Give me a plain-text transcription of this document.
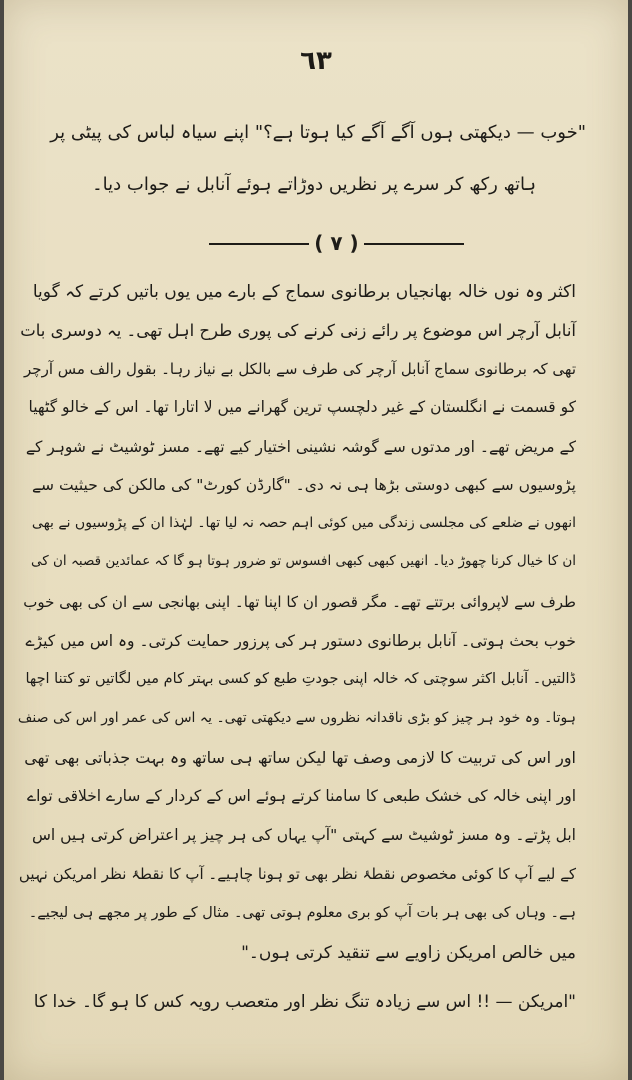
٦٣
"خوب — دیکھتی ہوں آگے آگے کیا ہوتا ہے؟" اپنے سیاہ لباس کی پیٹی پر
ہاتھ رکھ کر سرے پر نظریں دوڑاتے ہوئے آنابل نے جواب دیا۔
( ۷ )
اکثر وہ نوں خالہ بھانجیاں برطانوی سماج کے بارے میں یوں باتیں کرتے کہ گویا
آنابل آرچر اس موضوع پر رائے زنی کرنے کی پوری طرح اہل تھی۔ یہ دوسری بات
تھی کہ برطانوی سماج آنابل آرچر کی طرف سے بالکل بے نیاز رہا۔ بقول رالف مس آرچر
کو قسمت نے انگلستان کے غیر دلچسپ ترین گھرانے میں لا اتارا تھا۔ اس کے خالو گٹھیا
کے مریض تھے۔ اور مدتوں سے گوشہ نشینی اختیار کیے تھے۔ مسز ٹوشیٹ نے شوہر کے
پڑوسیوں سے کبھی دوستی بڑھا ہی نہ دی۔ "گارڈن کورٹ" کی مالکن کی حیثیت سے
انھوں نے ضلعے کی مجلسی زندگی میں کوئی اہم حصہ نہ لیا تھا۔ لہٰذا ان کے پڑوسیوں نے بھی
ان کا خیال کرنا چھوڑ دیا۔ انھیں کبھی کبھی افسوس تو ضرور ہوتا ہو گا کہ عمائدین قصبہ ان کی
طرف سے لاپروائی برتتے تھے۔ مگر قصور ان کا اپنا تھا۔ اپنی بھانجی سے ان کی بھی خوب
خوب بحث ہوتی۔ آنابل برطانوی دستور ہر کی پرزور حمایت کرتی۔ وہ اس میں کیڑے
ڈالتیں۔ آنابل اکثر سوچتی کہ خالہ اپنی جودتِ طبع کو کسی بہتر کام میں لگاتیں تو کتنا اچھا
ہوتا۔ وہ خود ہر چیز کو بڑی ناقدانہ نظروں سے دیکھتی تھی۔ یہ اس کی عمر اور اس کی صنف
اور اس کی تربیت کا لازمی وصف تھا لیکن ساتھ ہی ساتھ وہ بہت جذباتی بھی تھی
اور اپنی خالہ کی خشک طبعی کا سامنا کرتے ہوئے اس کے کردار کے سارے اخلاقی تواے
ابل پڑتے۔ وہ مسز ٹوشیٹ سے کہتی "آپ یہاں کی ہر چیز پر اعتراض کرتی ہیں اس
کے لیے آپ کا کوئی مخصوص نقطۂ نظر بھی تو ہونا چاہیے۔ آپ کا نقطۂ نظر امریکن نہیں
ہے۔ وہاں کی بھی ہر بات آپ کو بری معلوم ہوتی تھی۔ مثال کے طور پر مجھے ہی لیجیے۔
میں خالص امریکن زاویے سے تنقید کرتی ہوں۔"
"امریکن — !! اس سے زیادہ تنگ نظر اور متعصب رویہ کس کا ہو گا۔ خدا کا
